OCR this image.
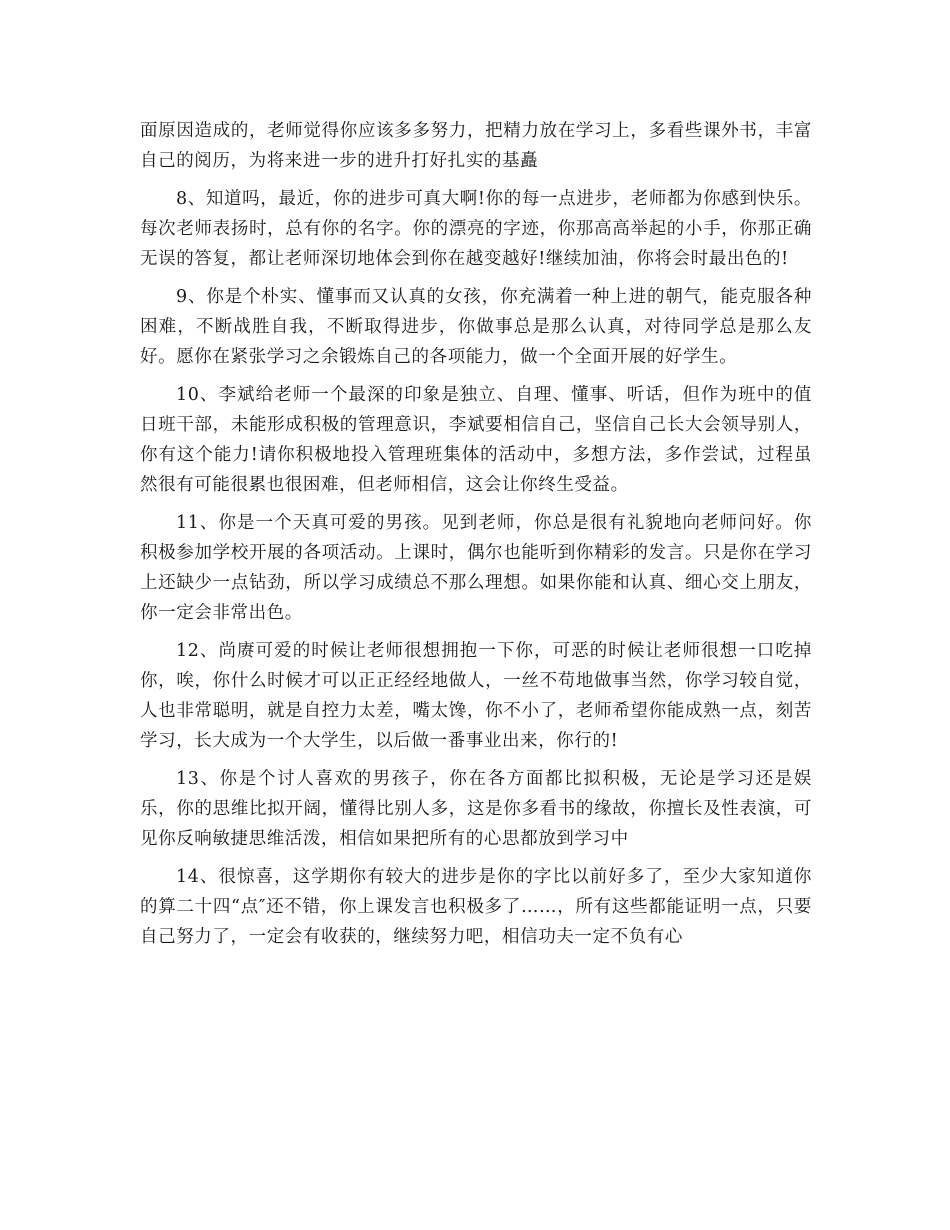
面原因造成的，老师觉得你应该多多努力，把精力放在学习上，多看些课外书，丰富自己的阅历，为将来进一步的进升打好扎实的基矗

8、知道吗，最近，你的进步可真大啊!你的每一点进步，老师都为你感到快乐。每次老师表扬时，总有你的名字。你的漂亮的字迹，你那高高举起的小手，你那正确无误的答复，都让老师深切地体会到你在越变越好!继续加油，你将会时最出色的!

9、你是个朴实、懂事而又认真的女孩，你充满着一种上进的朝气，能克服各种困难，不断战胜自我，不断取得进步，你做事总是那么认真，对待同学总是那么友好。愿你在紧张学习之余锻炼自己的各项能力，做一个全面开展的好学生。

10、李斌给老师一个最深的印象是独立、自理、懂事、听话，但作为班中的值日班干部，未能形成积极的管理意识，李斌要相信自己，坚信自己长大会领导别人，你有这个能力!请你积极地投入管理班集体的活动中，多想方法，多作尝试，过程虽然很有可能很累也很困难，但老师相信，这会让你终生受益。

11、你是一个天真可爱的男孩。见到老师，你总是很有礼貌地向老师问好。你积极参加学校开展的各项活动。上课时，偶尔也能听到你精彩的发言。只是你在学习上还缺少一点钻劲，所以学习成绩总不那么理想。如果你能和认真、细心交上朋友，你一定会非常出色。

12、尚赓可爱的时候让老师很想拥抱一下你，可恶的时候让老师很想一口吃掉你，唉，你什么时候才可以正正经经地做人，一丝不苟地做事当然，你学习较自觉，人也非常聪明，就是自控力太差，嘴太馋，你不小了，老师希望你能成熟一点，刻苦学习，长大成为一个大学生，以后做一番事业出来，你行的!

13、你是个讨人喜欢的男孩子，你在各方面都比拟积极，无论是学习还是娱乐，你的思维比拟开阔，懂得比别人多，这是你多看书的缘故，你擅长及性表演，可见你反响敏捷思维活泼，相信如果把所有的心思都放到学习中

14、很惊喜，这学期你有较大的进步是你的字比以前好多了，至少大家知道你的算二十四“点″还不错，你上课发言也积极多了……，所有这些都能证明一点，只要自己努力了，一定会有收获的，继续努力吧，相信功夫一定不负有心
